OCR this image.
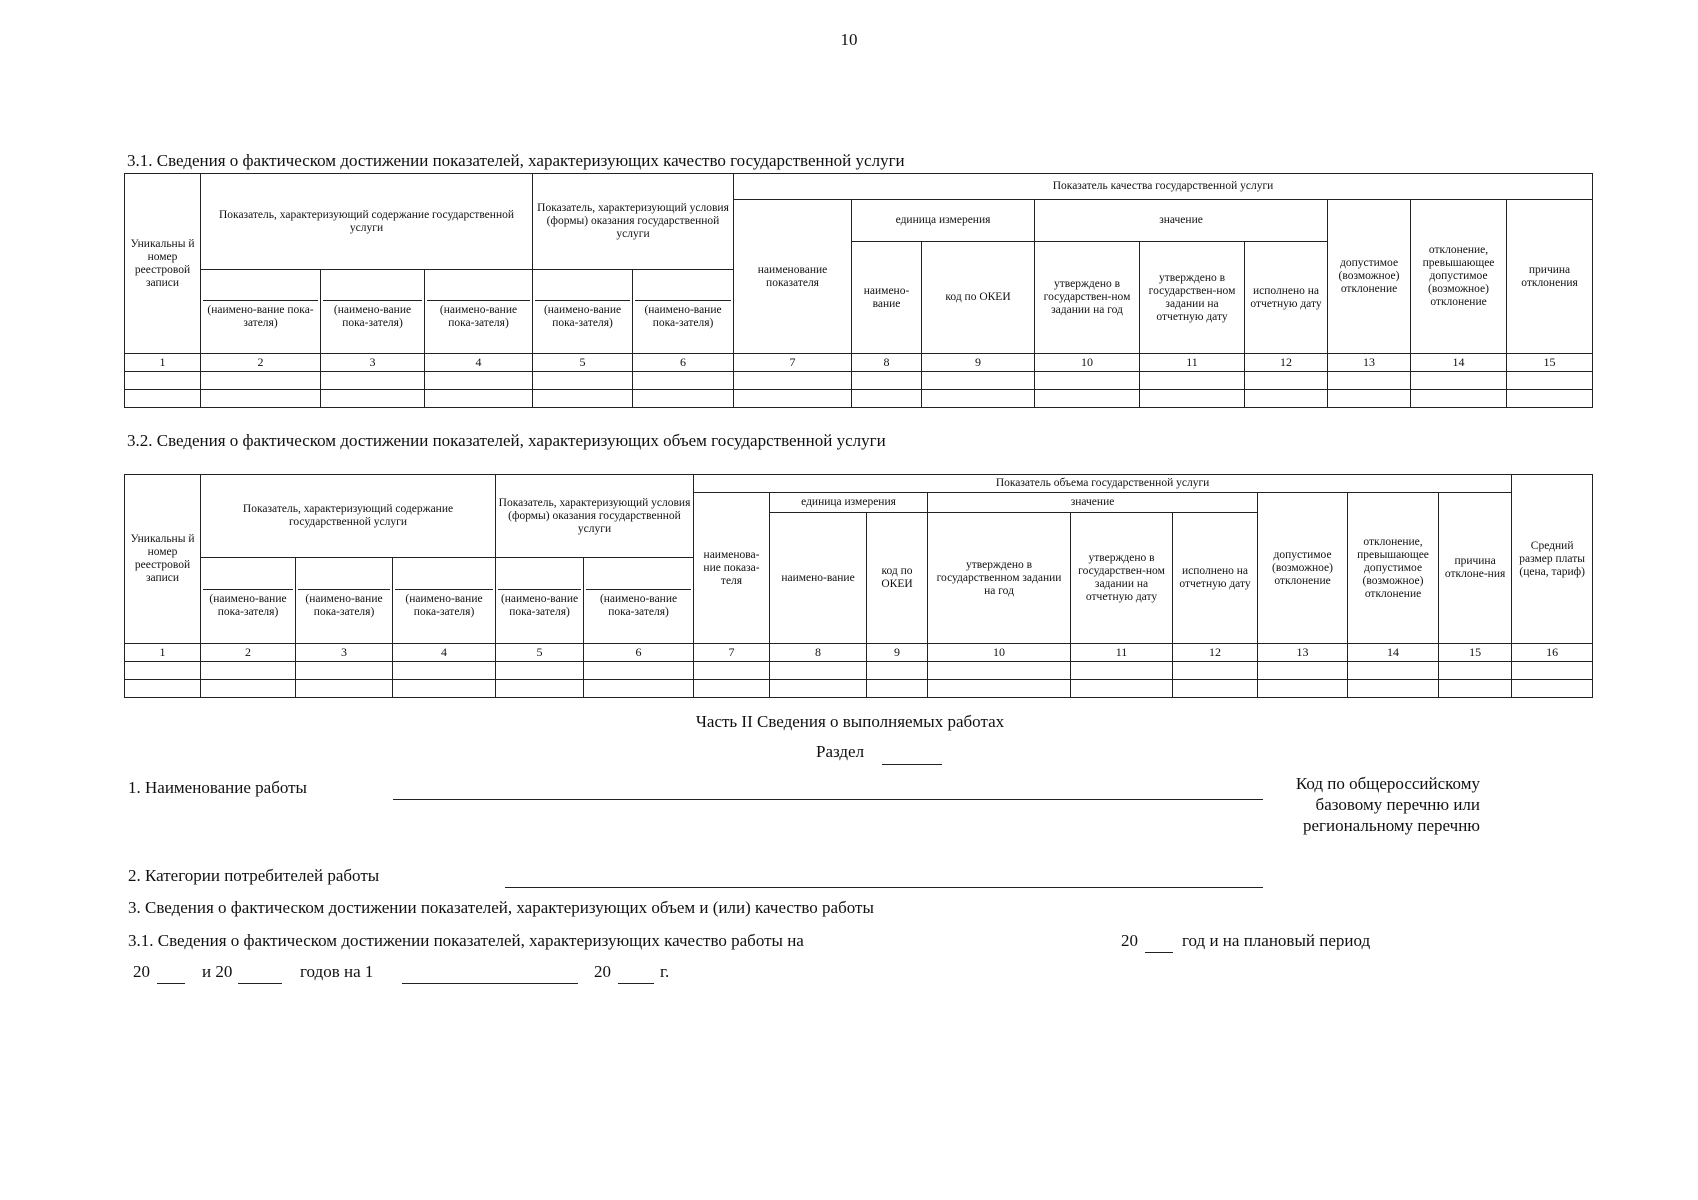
10
3.1. Сведения о фактическом достижении показателей, характеризующих качество государственной услуги
Уникальны й номер реестровой записи	Показатель, характеризующий содержание государственной услуги			Показатель, характеризующий условия (формы) оказания государственной услуги		Показатель качества государственной услуги								
						наименование показателя	единица измерения		значение			допустимое (возможное) отклонение	отклонение, превышающее допустимое (возможное) отклонение	причина отклонения
							наимено-вание	код по ОКЕИ	утверждено в государствен-ном задании на год	утверждено в государствен-ном задании на отчетную дату	исполнено на отчетную дату			
	(наимено-вание пока-зателя)	(наимено-вание пока-зателя)	(наимено-вание пока-зателя)	(наимено-вание пока-зателя)	(наимено-вание пока-зателя)									
1	2	3	4	5	6	7	8	9	10	11	12	13	14	15

3.2. Сведения о фактическом достижении показателей, характеризующих объем государственной услуги
Уникальны й номер реестровой записи	Показатель, характеризующий содержание государственной услуги			Показатель, характеризующий условия (формы) оказания государственной услуги		Показатель объема государственной услуги									Средний размер платы (цена, тариф)
						наименова-ние показа-теля	единица измерения		значение			допустимое (возможное) отклонение	отклонение, превышающее допустимое (возможное) отклонение	причина отклоне-ния	
							наимено-вание	код по ОКЕИ	утверждено в государственном задании на год	утверждено в государствен-ном задании на отчетную дату	исполнено на отчетную дату				
	(наимено-вание пока-зателя)	(наимено-вание пока-зателя)	(наимено-вание пока-зателя)	(наимено-вание пока-зателя)	(наимено-вание пока-зателя)										
1	2	3	4	5	6	7	8	9	10	11	12	13	14	15	16

Часть II Сведения о выполняемых работах
Раздел
1. Наименование работы	Код по общероссийскому
базовому перечню или
региональному перечню
2. Категории потребителей работы
3. Сведения о фактическом достижении показателей, характеризующих объем и (или) качество работы
3.1. Сведения о фактическом достижении показателей, характеризующих качество работы на	20	год и на плановый период
20	и 20	годов на 1	20	г.
